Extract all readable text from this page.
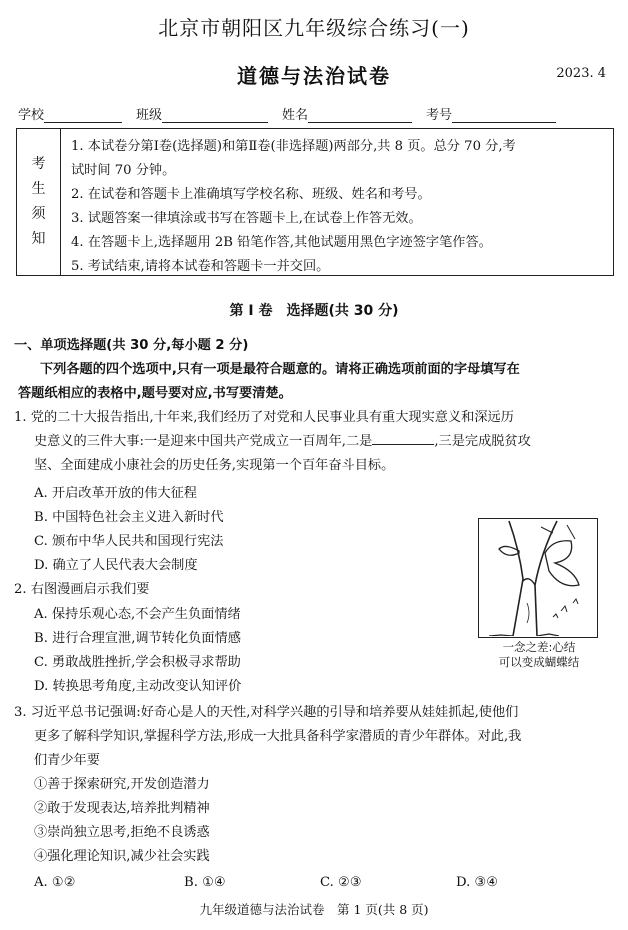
北京市朝阳区九年级综合练习(一)
道德与法治试卷	2023. 4
学校	班级	姓名	考号
考
生
须
知
1. 本试卷分第Ⅰ卷(选择题)和第Ⅱ卷(非选择题)两部分,共 8 页。总分 70 分,考
试时间 70 分钟。
2. 在试卷和答题卡上准确填写学校名称、班级、姓名和考号。
3. 试题答案一律填涂或书写在答题卡上,在试卷上作答无效。
4. 在答题卡上,选择题用 2B 铅笔作答,其他试题用黑色字迹签字笔作答。
5. 考试结束,请将本试卷和答题卡一并交回。
第 Ⅰ 卷　选择题(共 30 分)
一、单项选择题(共 30 分,每小题 2 分)
下列各题的四个选项中,只有一项是最符合题意的。请将正确选项前面的字母填写在
答题纸相应的表格中,题号要对应,书写要清楚。
1. 党的二十大报告指出,十年来,我们经历了对党和人民事业具有重大现实意义和深远历
史意义的三件大事:一是迎来中国共产党成立一百周年,二是	,三是完成脱贫攻
坚、全面建成小康社会的历史任务,实现第一个百年奋斗目标。
A. 开启改革开放的伟大征程
B. 中国特色社会主义进入新时代
C. 颁布中华人民共和国现行宪法
D. 确立了人民代表大会制度
2. 右图漫画启示我们要
A. 保持乐观心态,不会产生负面情绪
B. 进行合理宣泄,调节转化负面情感
C. 勇敢战胜挫折,学会积极寻求帮助
D. 转换思考角度,主动改变认知评价
一念之差:心结
可以变成蝴蝶结
3. 习近平总书记强调:好奇心是人的天性,对科学兴趣的引导和培养要从娃娃抓起,使他们
更多了解科学知识,掌握科学方法,形成一大批具备科学家潜质的青少年群体。对此,我
们青少年要
①善于探索研究,开发创造潜力
②敢于发现表达,培养批判精神
③崇尚独立思考,拒绝不良诱惑
④强化理论知识,减少社会实践
A. ①②	B. ①④	C. ②③	D. ③④
九年级道德与法治试卷　第 1 页(共 8 页)
